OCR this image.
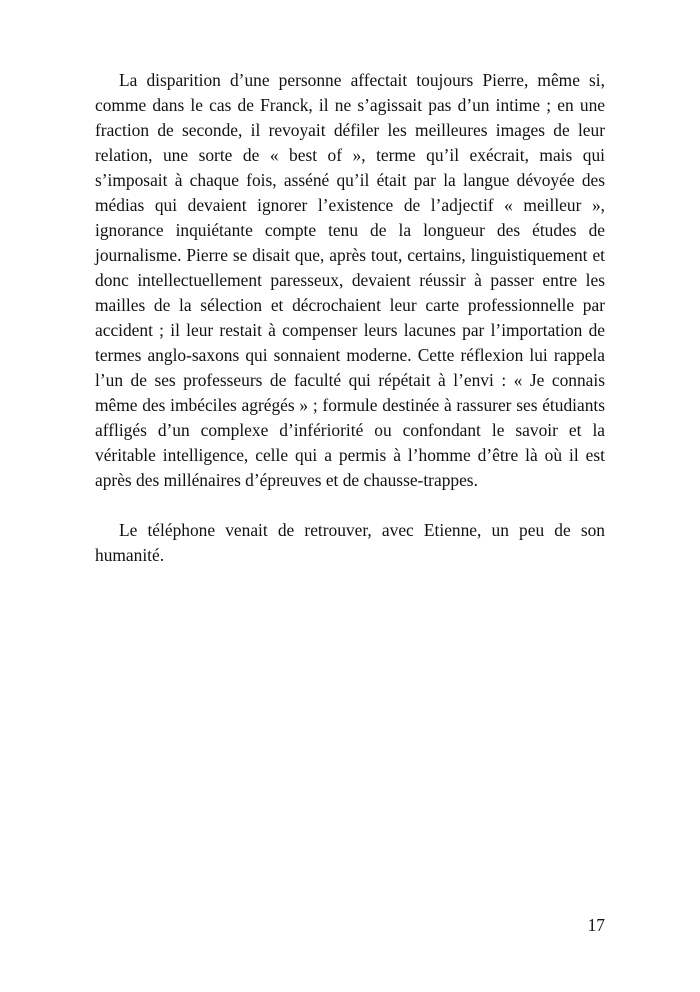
La disparition d’une personne affectait toujours Pierre, même si, comme dans le cas de Franck, il ne s’agissait pas d’un intime ; en une fraction de seconde, il revoyait défiler les meilleures images de leur relation, une sorte de « best of », terme qu’il exécrait, mais qui s’imposait à chaque fois, asséné qu’il était par la langue dévoyée des médias qui devaient ignorer l’existence de l’adjectif « meilleur », ignorance inquiétante compte tenu de la longueur des études de journalisme. Pierre se disait que, après tout, certains, linguistiquement et donc intellectuellement paresseux, devaient réussir à passer entre les mailles de la sélection et décrochaient leur carte professionnelle par accident ; il leur restait à compenser leurs lacunes par l’importation de termes anglo-saxons qui sonnaient moderne. Cette réflexion lui rappela l’un de ses professeurs de faculté qui répétait à l’envi : « Je connais même des imbéciles agrégés » ; formule destinée à rassurer ses étudiants affligés d’un complexe d’infériorité ou confondant le savoir et la véritable intelligence, celle qui a permis à l’homme d’être là où il est après des millénaires d’épreuves et de chausse-trappes.

Le téléphone venait de retrouver, avec Etienne, un peu de son humanité.

17
